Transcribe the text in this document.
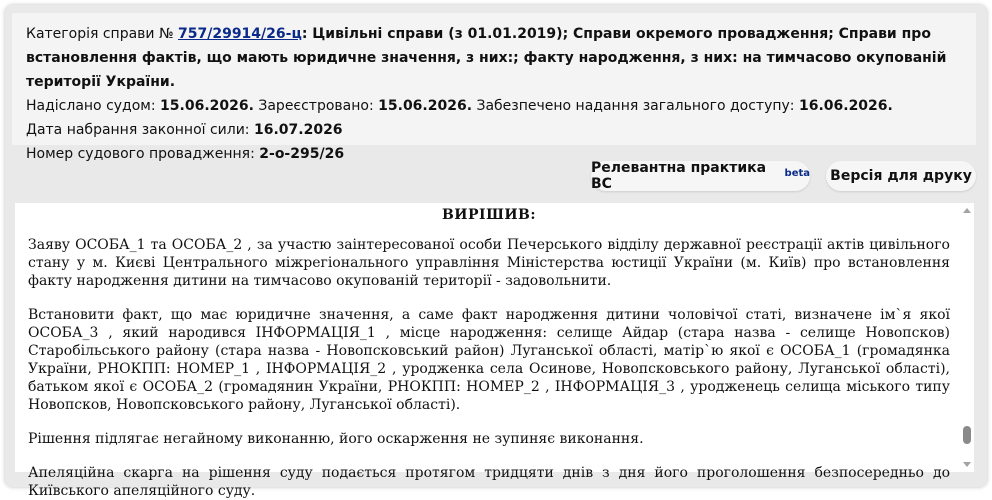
Категорія справи № 757/29914/26-ц: Цивільні справи (з 01.01.2019); Справи окремого провадження; Справи про встановлення фактів, що мають юридичне значення, з них:; факту народження, з них: на тимчасово окупованій території України.
Надіслано судом: 15.06.2026. Зареєстровано: 15.06.2026. Забезпечено надання загального доступу: 16.06.2026.
Дата набрання законної сили: 16.07.2026
Номер судового провадження: 2-о-295/26
Релевантна практика ВС
$^{beta}$ Версія для друку
ВИРІШИВ:

Заяву ОСОБА_1 та ОСОБА_2 , за участю заінтересованої особи Печерського відділу державної реєстрації актів цивільного стану у м. Києві Центрального міжрегіонального управління Міністерства юстиції України (м. Київ) про встановлення факту народження дитини на тимчасово окупованій території - задовольнити.

Встановити факт, що має юридичне значення, а саме факт народження дитини чоловічої статі, визначене ім`я якої ОСОБА_3 , який народився ІНФОРМАЦІЯ_1 , місце народження: селище Айдар (стара назва - селище Новопсков) Старобільського району (стара назва - Новопсковський район) Луганської області, матір`ю якої є ОСОБА_1 (громадянка України, РНОКПП: НОМЕР_1 , ІНФОРМАЦІЯ_2 , уродженка села Осинове, Новопсковського району, Луганської області), батьком якої є ОСОБА_2 (громадянин України, РНОКПП: НОМЕР_2 , ІНФОРМАЦІЯ_3 , уродженець селища міського типу Новопсков, Новопсковського району, Луганської області).

Рішення підлягає негайному виконанню, його оскарження не зупиняє виконання.

Апеляційна скарга на рішення суду подається протягом тридцяти днів з дня його проголошення безпосередньо до Київського апеляційного суду.
